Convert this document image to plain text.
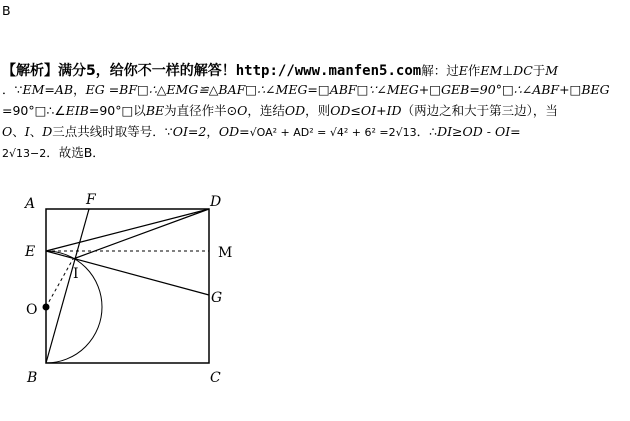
B
【解析】满分5，给你不一样的解答！http://www.manfen5.com解：过E作EM⊥DC于M
．∵EM=AB，EG =BF□∴△EMG≌△BAF□∴∠MEG=□ABF□∵∠MEG+□GEB=90°□∴∠ABF+□BEG
=90°□∴∠EIB=90°□以BE为直径作半⊙O，连结OD，则OD≤OI+ID（两边之和大于第三边），当
O、I、D三点共线时取等号．∵OI=2，OD=√OA² + AD² = √4² + 6² =2√13．∴DI≥OD - OI=
2√13−2．故选B．
A	F	D
E	M
I
G
O
B	C
